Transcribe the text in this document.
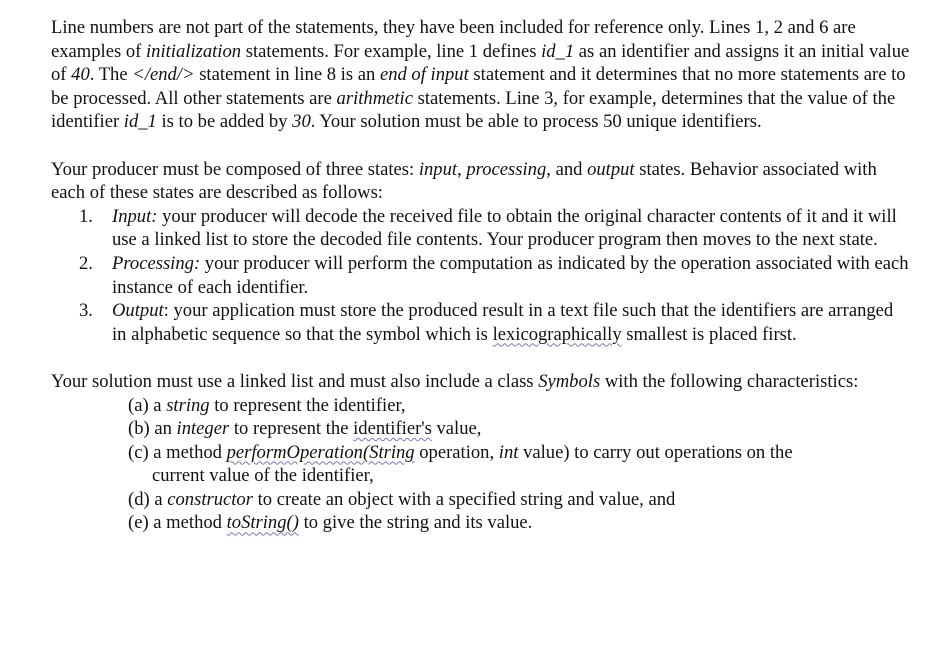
Line numbers are not part of the statements, they have been included for reference only. Lines 1, 2 and 6 are examples of initialization statements. For example, line 1 defines id_1 as an identifier and assigns it an initial value of 40. The </end/> statement in line 8 is an end of input statement and it determines that no more statements are to be processed. All other statements are arithmetic statements. Line 3, for example, determines that the value of the identifier id_1 is to be added by 30. Your solution must be able to process 50 unique identifiers.

Your producer must be composed of three states: input, processing, and output states. Behavior associated with each of these states are described as follows:

1. Input: your producer will decode the received file to obtain the original character contents of it and it will use a linked list to store the decoded file contents. Your producer program then moves to the next state.
2. Processing: your producer will perform the computation as indicated by the operation associated with each instance of each identifier.
3. Output: your application must store the produced result in a text file such that the identifiers are arranged in alphabetic sequence so that the symbol which is lexicographically smallest is placed first.

Your solution must use a linked list and must also include a class Symbols with the following characteristics:

(a) a string to represent the identifier,
(b) an integer to represent the identifier's value,
(c) a method performOperation(String operation, int value) to carry out operations on the
current value of the identifier,
(d) a constructor to create an object with a specified string and value, and
(e) a method toString() to give the string and its value.
